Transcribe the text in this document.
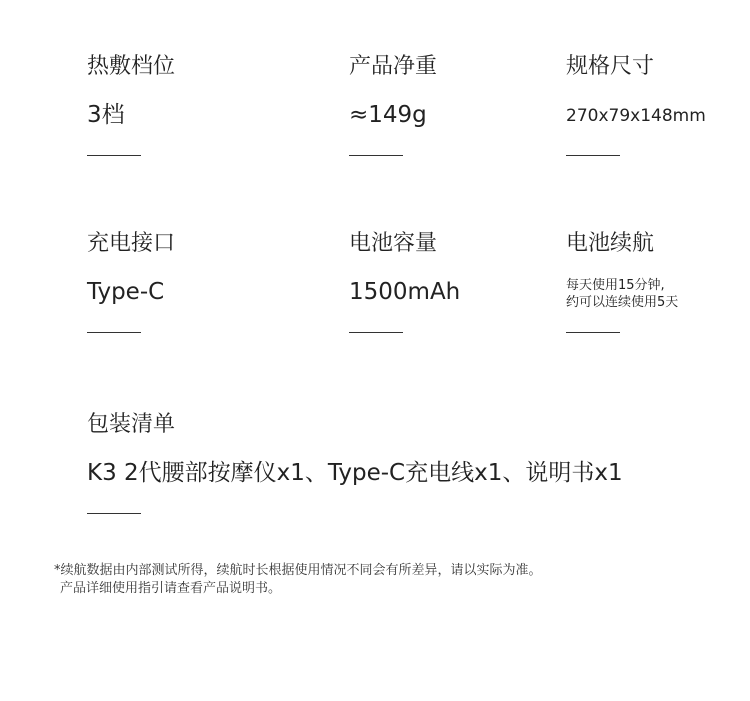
热敷档位
3档
产品净重
≈149g
规格尺寸
270x79x148mm
充电接口
Type-C
电池容量
1500mAh
电池续航
每天使用15分钟,
约可以连续使用5天
包装清单
K3 2代腰部按摩仪x1、Type-C充电线x1、说明书x1
*续航数据由内部测试所得，续航时长根据使用情况不同会有所差异，请以实际为准。
产品详细使用指引请查看产品说明书。
